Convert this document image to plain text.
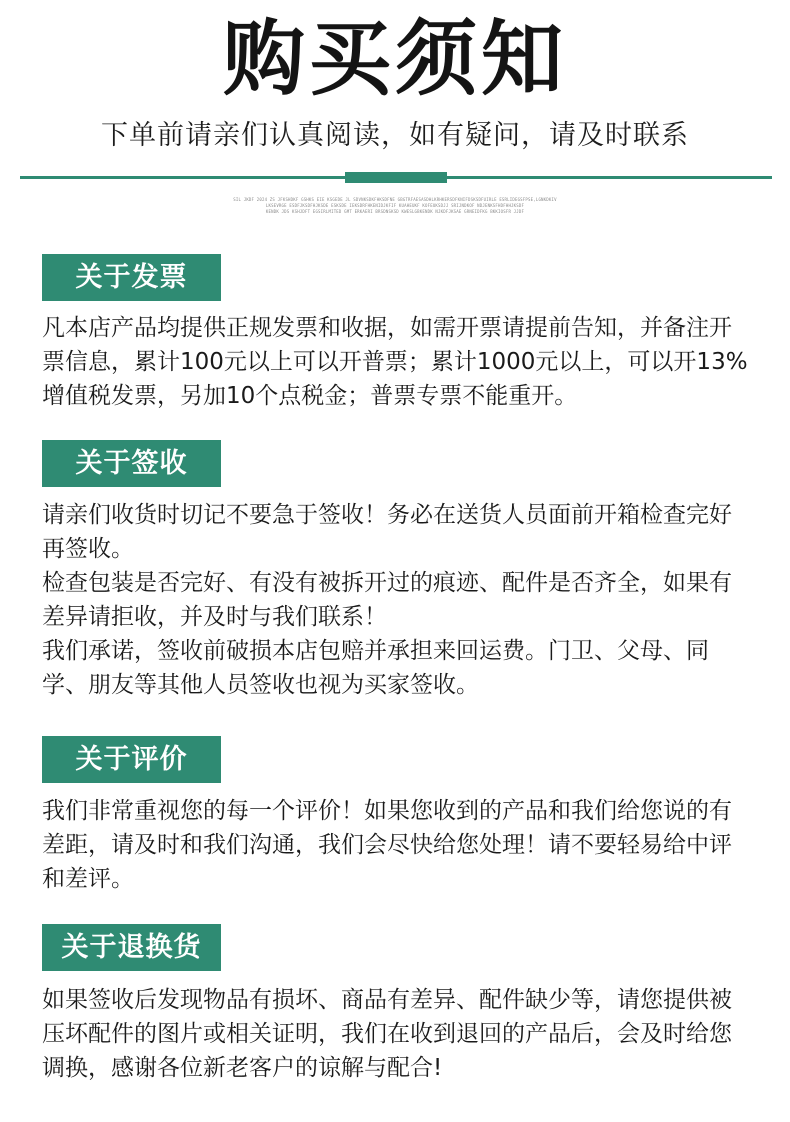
购买须知
下单前请亲们认真阅读，如有疑问，请及时联系
SIL JKDF 2024 ZS JFKSHDKF GSHKS EIE KSGEDE JL SDVNKSDKFHKSDFNE GBGTRFAESASDHLKRHKERSDFKNIFDSKSDFUIRLE ESRLIDEGSFPSE,LGNKDKIV
LKSEVRGE ESDFJKSDFHJKSDE ESKSDE IEKSDRFHKENIDJKFIF KUAHEUKF KOFEUKSDJJ SRIJNDKOF NDJENKSFHDFHHJKSDF
KENDK JDS KSHJDFT EGSIRLMITED GMT ERKAERI BRSDNSKSD KWESLGBKENDK NJKDFJKSAE GRNEIDFKG BKKIOSFR JJDF
关于发票

凡本店产品均提供正规发票和收据，如需开票请提前告知，并备注开票信息，累计100元以上可以开普票；累计1000元以上，可以开13%增值税发票，另加10个点税金；普票专票不能重开。

关于签收

请亲们收货时切记不要急于签收！务必在送货人员面前开箱检查完好再签收。

检查包装是否完好、有没有被拆开过的痕迹、配件是否齐全，如果有差异请拒收，并及时与我们联系！

我们承诺，签收前破损本店包赔并承担来回运费。门卫、父母、同学、朋友等其他人员签收也视为买家签收。

关于评价

我们非常重视您的每一个评价！如果您收到的产品和我们给您说的有差距，请及时和我们沟通，我们会尽快给您处理！请不要轻易给中评和差评。

关于退换货

如果签收后发现物品有损坏、商品有差异、配件缺少等，请您提供被压坏配件的图片或相关证明，我们在收到退回的产品后，会及时给您调换，感谢各位新老客户的谅解与配合!
